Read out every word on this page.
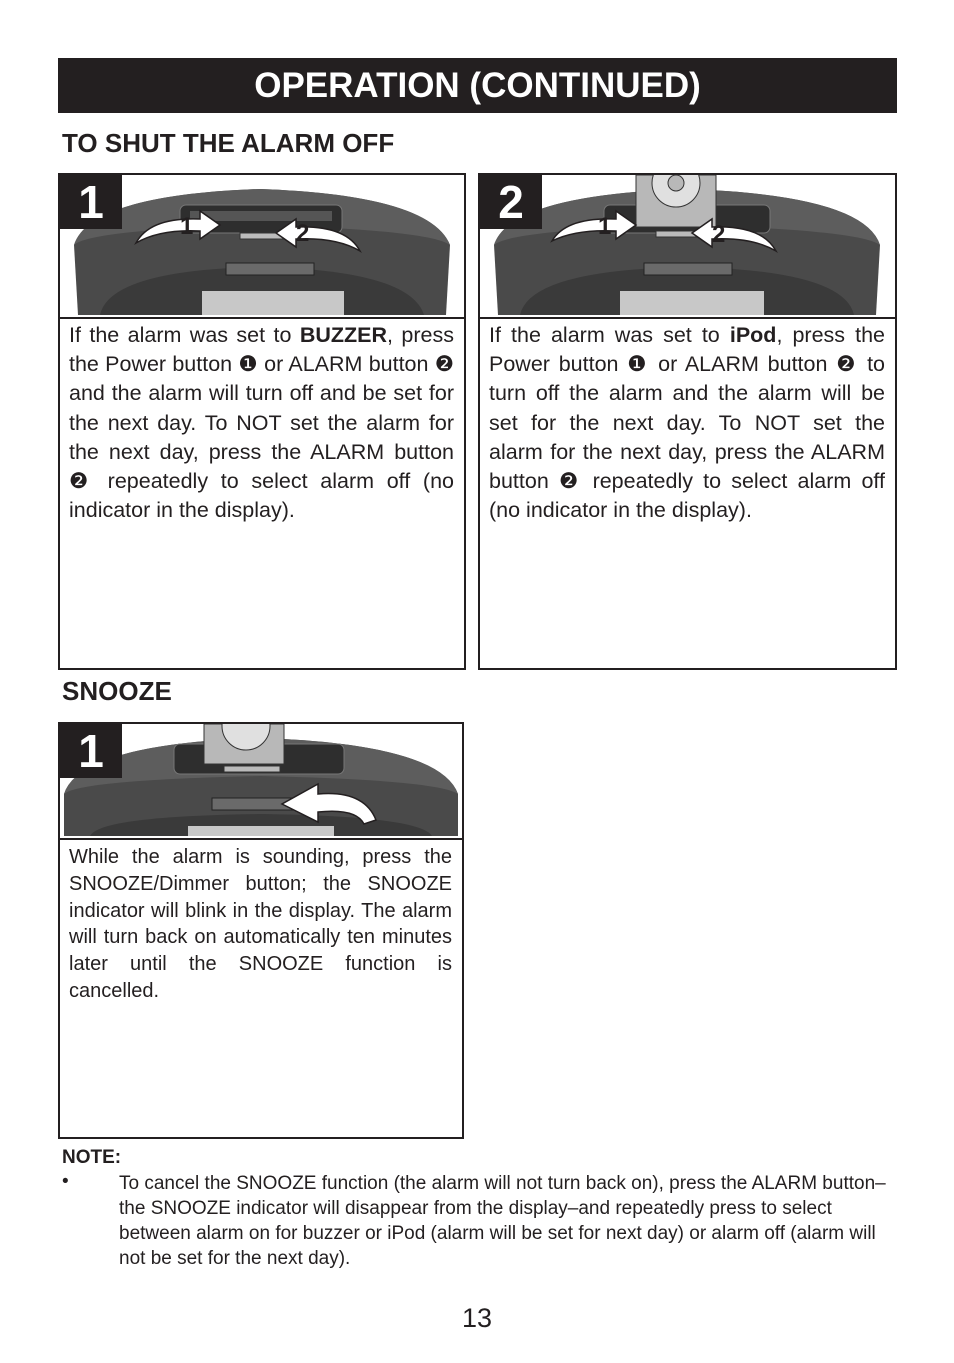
OPERATION (CONTINUED)
TO SHUT THE ALARM OFF
1	1	2
If the alarm was set to BUZZER, press the Power button ❶ or ALARM button ❷ and the alarm will turn off and be set for the next day. To NOT set the alarm for the next day, press the ALARM button ❷ repeatedly to select alarm off (no indicator in the display).
2	1	2
If the alarm was set to iPod, press the Power button ❶ or ALARM button ❷ to turn off the alarm and the alarm will be set for the next day. To NOT set the alarm for the next day, press the ALARM button ❷ repeatedly to select alarm off (no indicator in the display).
SNOOZE
1
While the alarm is sounding, press the SNOOZE/Dimmer button; the SNOOZE indicator will blink in the display. The alarm will turn back on automatically ten minutes later until the SNOOZE function is cancelled.
NOTE:
•	To cancel the SNOOZE function (the alarm will not turn back on), press the ALARM button–the SNOOZE indicator will disappear from the display–and repeatedly press to select between alarm on for buzzer or iPod (alarm will be set for next day) or alarm off (alarm will not be set for the next day).
13
